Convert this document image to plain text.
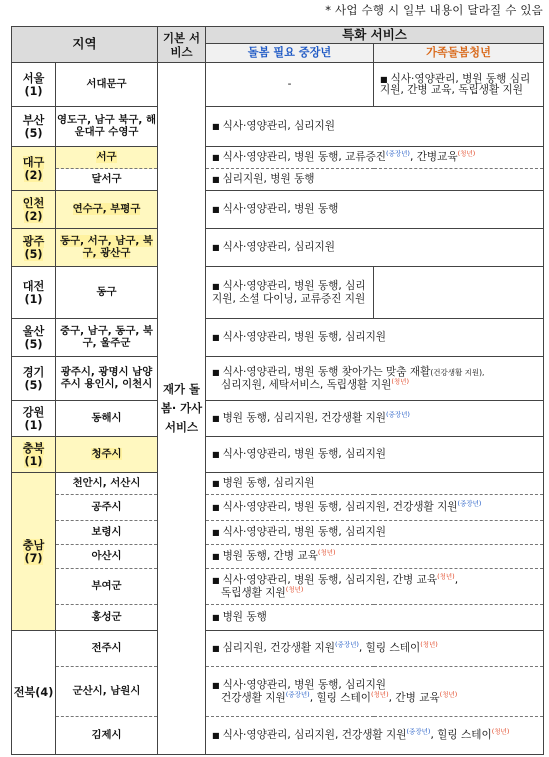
* 사업 수행 시 일부 내용이 달라질 수 있음
지역		기본 서비스	특화 서비스	
			돌봄 필요 중장년	가족돌봄청년
서울 (1)	서대문구	재가 돌봄· 가사 서비스	-	■ 식사·영양관리, 병원 동행 심리지원, 간병 교육, 독립생활 지원
부산 (5)	영도구, 남구 북구, 해운대구 수영구		■ 식사·영양관리, 심리지원	
대구 (2)	서구		■ 식사·영양관리, 병원 동행, 교류증진$^{(중장년)}$, 간병교육$^{(청년)}$
	달서구		■ 심리지원, 병원 동행	
인천 (2)	연수구, 부평구		■ 식사·영양관리, 병원 동행	
광주 (5)	동구, 서구, 남구, 북구, 광산구		■ 식사·영양관리, 심리지원	
대전 (1)	동구		■ 식사·영양관리, 병원 동행, 심리지원, 소셜 다이닝, 교류증진 지원	
울산 (5)	중구, 남구, 동구, 북구, 울주군		■ 식사·영양관리, 병원 동행, 심리지원	
경기 (5)	광주시, 광명시 남양주시 용인시, 이천시		■ 식사·영양관리, 병원 동행 찾아가는 맞춤 재활(건강생활 지원),
심리지원, 세탁서비스, 독립생활 지원$^{(청년)}$
강원 (1)	동해시		■ 병원 동행, 심리지원, 건강생활 지원$^{(중장년)}$
충북 (1)	청주시		■ 식사·영양관리, 병원 동행, 심리지원	
충남 (7)	천안시, 서산시		■ 병원 동행, 심리지원	
	공주시		■ 식사·영양관리, 병원 동행, 심리지원, 건강생활 지원$^{(중장년)}$
	보령시		■ 식사·영양관리, 병원 동행, 심리지원	
	아산시		■ 병원 동행, 간병 교육$^{(청년)}$
	부여군		■ 식사·영양관리, 병원 동행, 심리지원, 간병 교육$^{(청년)}$,
독립생활 지원$^{(청년)}$
	홍성군		■ 병원 동행	
전북(4)	전주시		■ 심리지원, 건강생활 지원$^{(중장년)}$, 힐링 스테이$^{(청년)}$
	군산시, 남원시		■ 식사·영양관리, 병원 동행, 심리지원
건강생활 지원$^{(중장년)}$, 힐링 스테이$^{(청년)}$, 간병 교육$^{(청년)}$
	김제시		■ 식사·영양관리, 심리지원, 건강생활 지원$^{(중장년)}$, 힐링 스테이$^{(청년)}$
